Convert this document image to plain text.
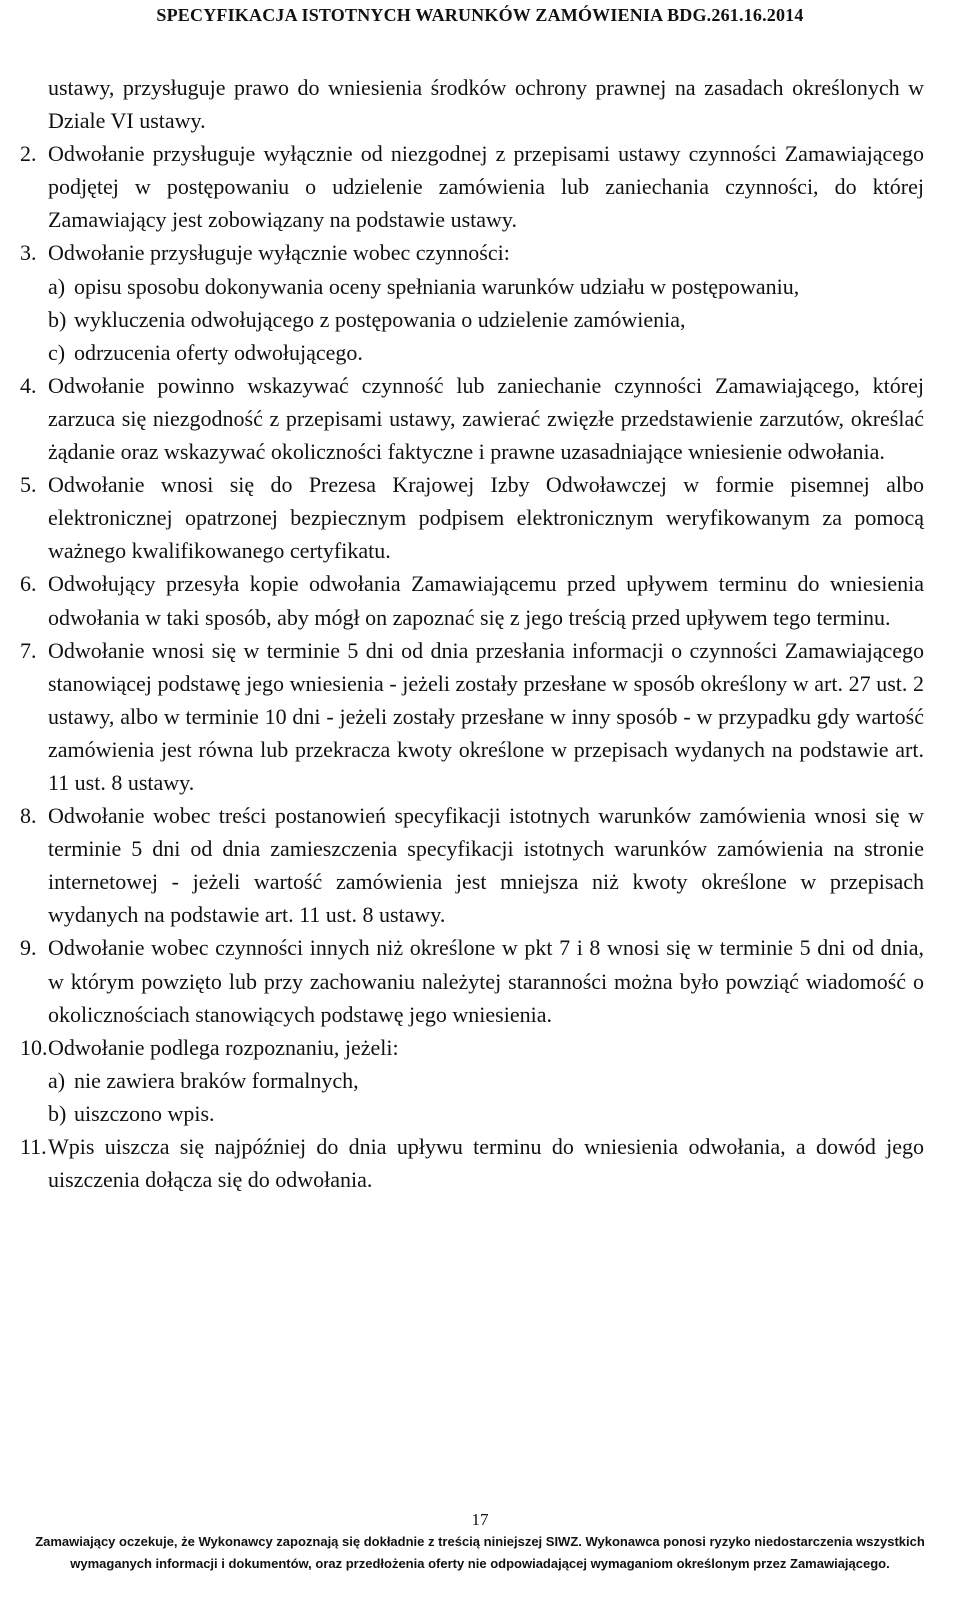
SPECYFIKACJA ISTOTNYCH WARUNKÓW ZAMÓWIENIA BDG.261.16.2014

ustawy, przysługuje prawo do wniesienia środków ochrony prawnej na zasadach określonych w Dziale VI ustawy.

2. Odwołanie przysługuje wyłącznie od niezgodnej z przepisami ustawy czynności Zamawiającego podjętej w postępowaniu o udzielenie zamówienia lub zaniechania czynności, do której Zamawiający jest zobowiązany na podstawie ustawy.
3. Odwołanie przysługuje wyłącznie wobec czynności:
a) opisu sposobu dokonywania oceny spełniania warunków udziału w postępowaniu,
b) wykluczenia odwołującego z postępowania o udzielenie zamówienia,
c) odrzucenia oferty odwołującego.
4. Odwołanie powinno wskazywać czynność lub zaniechanie czynności Zamawiającego, której zarzuca się niezgodność z przepisami ustawy, zawierać zwięzłe przedstawienie zarzutów, określać żądanie oraz wskazywać okoliczności faktyczne i prawne uzasadniające wniesienie odwołania.
5. Odwołanie wnosi się do Prezesa Krajowej Izby Odwoławczej w formie pisemnej albo elektronicznej opatrzonej bezpiecznym podpisem elektronicznym weryfikowanym za pomocą ważnego kwalifikowanego certyfikatu.
6. Odwołujący przesyła kopie odwołania Zamawiającemu przed upływem terminu do wniesienia odwołania w taki sposób, aby mógł on zapoznać się z jego treścią przed upływem tego terminu.
7. Odwołanie wnosi się w terminie 5 dni od dnia przesłania informacji o czynności Zamawiającego stanowiącej podstawę jego wniesienia - jeżeli zostały przesłane w sposób określony w art. 27 ust. 2 ustawy, albo w terminie 10 dni - jeżeli zostały przesłane w inny sposób - w przypadku gdy wartość zamówienia jest równa lub przekracza kwoty określone w przepisach wydanych na podstawie art. 11 ust. 8 ustawy.
8. Odwołanie wobec treści postanowień specyfikacji istotnych warunków zamówienia wnosi się w terminie 5 dni od dnia zamieszczenia specyfikacji istotnych warunków zamówienia na stronie internetowej - jeżeli wartość zamówienia jest mniejsza niż kwoty określone w przepisach wydanych na podstawie art. 11 ust. 8 ustawy.
9. Odwołanie wobec czynności innych niż określone w pkt 7 i 8 wnosi się w terminie 5 dni od dnia, w którym powzięto lub przy zachowaniu należytej staranności można było powziąć wiadomość o okolicznościach stanowiących podstawę jego wniesienia.
10. Odwołanie podlega rozpoznaniu, jeżeli:
a) nie zawiera braków formalnych,
b) uiszczono wpis.
11. Wpis uiszcza się najpóźniej do dnia upływu terminu do wniesienia odwołania, a dowód jego uiszczenia dołącza się do odwołania.
17
Zamawiający oczekuje, że Wykonawcy zapoznają się dokładnie z treścią niniejszej SIWZ. Wykonawca ponosi ryzyko niedostarczenia wszystkich
wymaganych informacji i dokumentów, oraz przedłożenia oferty nie odpowiadającej wymaganiom określonym przez Zamawiającego.
